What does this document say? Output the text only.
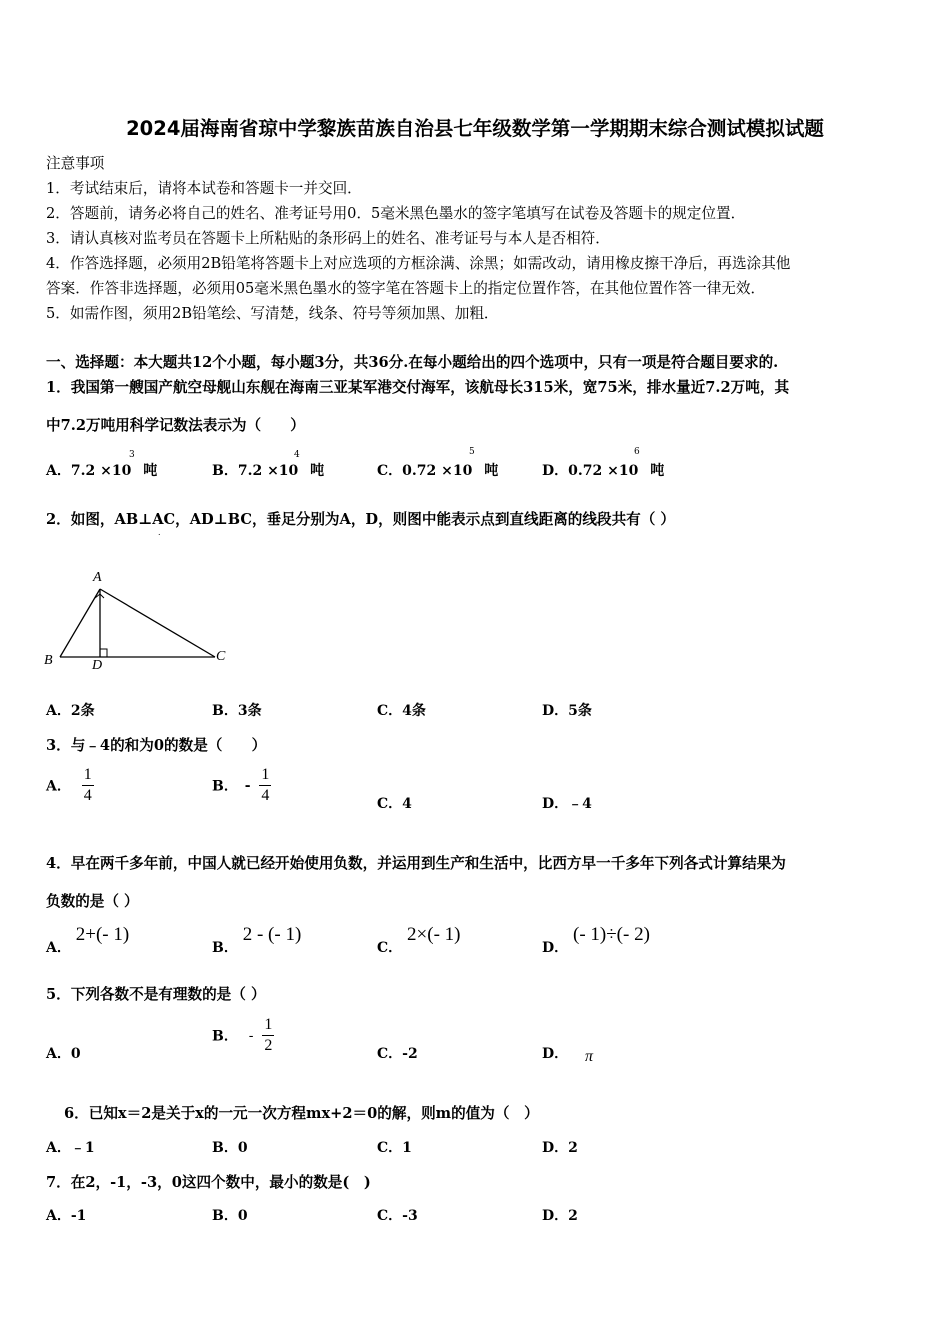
2024届海南省琼中学黎族苗族自治县七年级数学第一学期期末综合测试模拟试题
注意事项
1．考试结束后，请将本试卷和答题卡一并交回．
2．答题前，请务必将自己的姓名、准考证号用0．5毫米黑色墨水的签字笔填写在试卷及答题卡的规定位置．
3．请认真核对监考员在答题卡上所粘贴的条形码上的姓名、准考证号与本人是否相符．
4．作答选择题，必须用2B铅笔将答题卡上对应选项的方框涂满、涂黑；如需改动，请用橡皮擦干净后，再选涂其他
答案．作答非选择题，必须用05毫米黑色墨水的签字笔在答题卡上的指定位置作答，在其他位置作答一律无效．
5．如需作图，须用2B铅笔绘、写清楚，线条、符号等须加黑、加粗．
一、选择题：本大题共12个小题，每小题3分，共36分.在每小题给出的四个选项中，只有一项是符合题目要求的.
1．我国第一艘国产航空母舰山东舰在海南三亚某军港交付海军，该航母长315米，宽75米，排水量近7.2万吨，其
中7.2万吨用科学记数法表示为（　　）
A．7.2 ×10
3
吨	B．7.2 ×10
4
吨	C．0.72 ×10
5
吨	D．0.72 ×10
6
吨
2．如图，AB⊥AC，AD⊥BC，垂足分别为A，D，则图中能表示点到直线距离的线段共有（ ）
˙
A
B	C
D
A．2条	B．3条	C．4条	D．5条
3．与﹣4的和为0的数是（　　）
A． $\frac{1}{4}$	B． - $\frac{1}{4}$	C．4	D．﹣4
4．早在两千多年前，中国人就已经开始使用负数，并运用到生产和生活中，比西方早一千多年下列各式计算结果为
负数的是（ ）
A． 2+(- 1)
B． 2 - (- 1)
C． 2×(- 1)
D． (- 1)÷(- 2)
5．下列各数不是有理数的是（ ）
A．0
B． - $\frac{1}{2}$	C．-2	D． π
6．已知x＝2是关于x的一元一次方程mx+2＝0的解，则m的值为（　）
A．﹣1	B．0	C．1	D．2
7．在2，-1，-3，0这四个数中，最小的数是(　)
A．-1	B．0	C．-3	D．2
